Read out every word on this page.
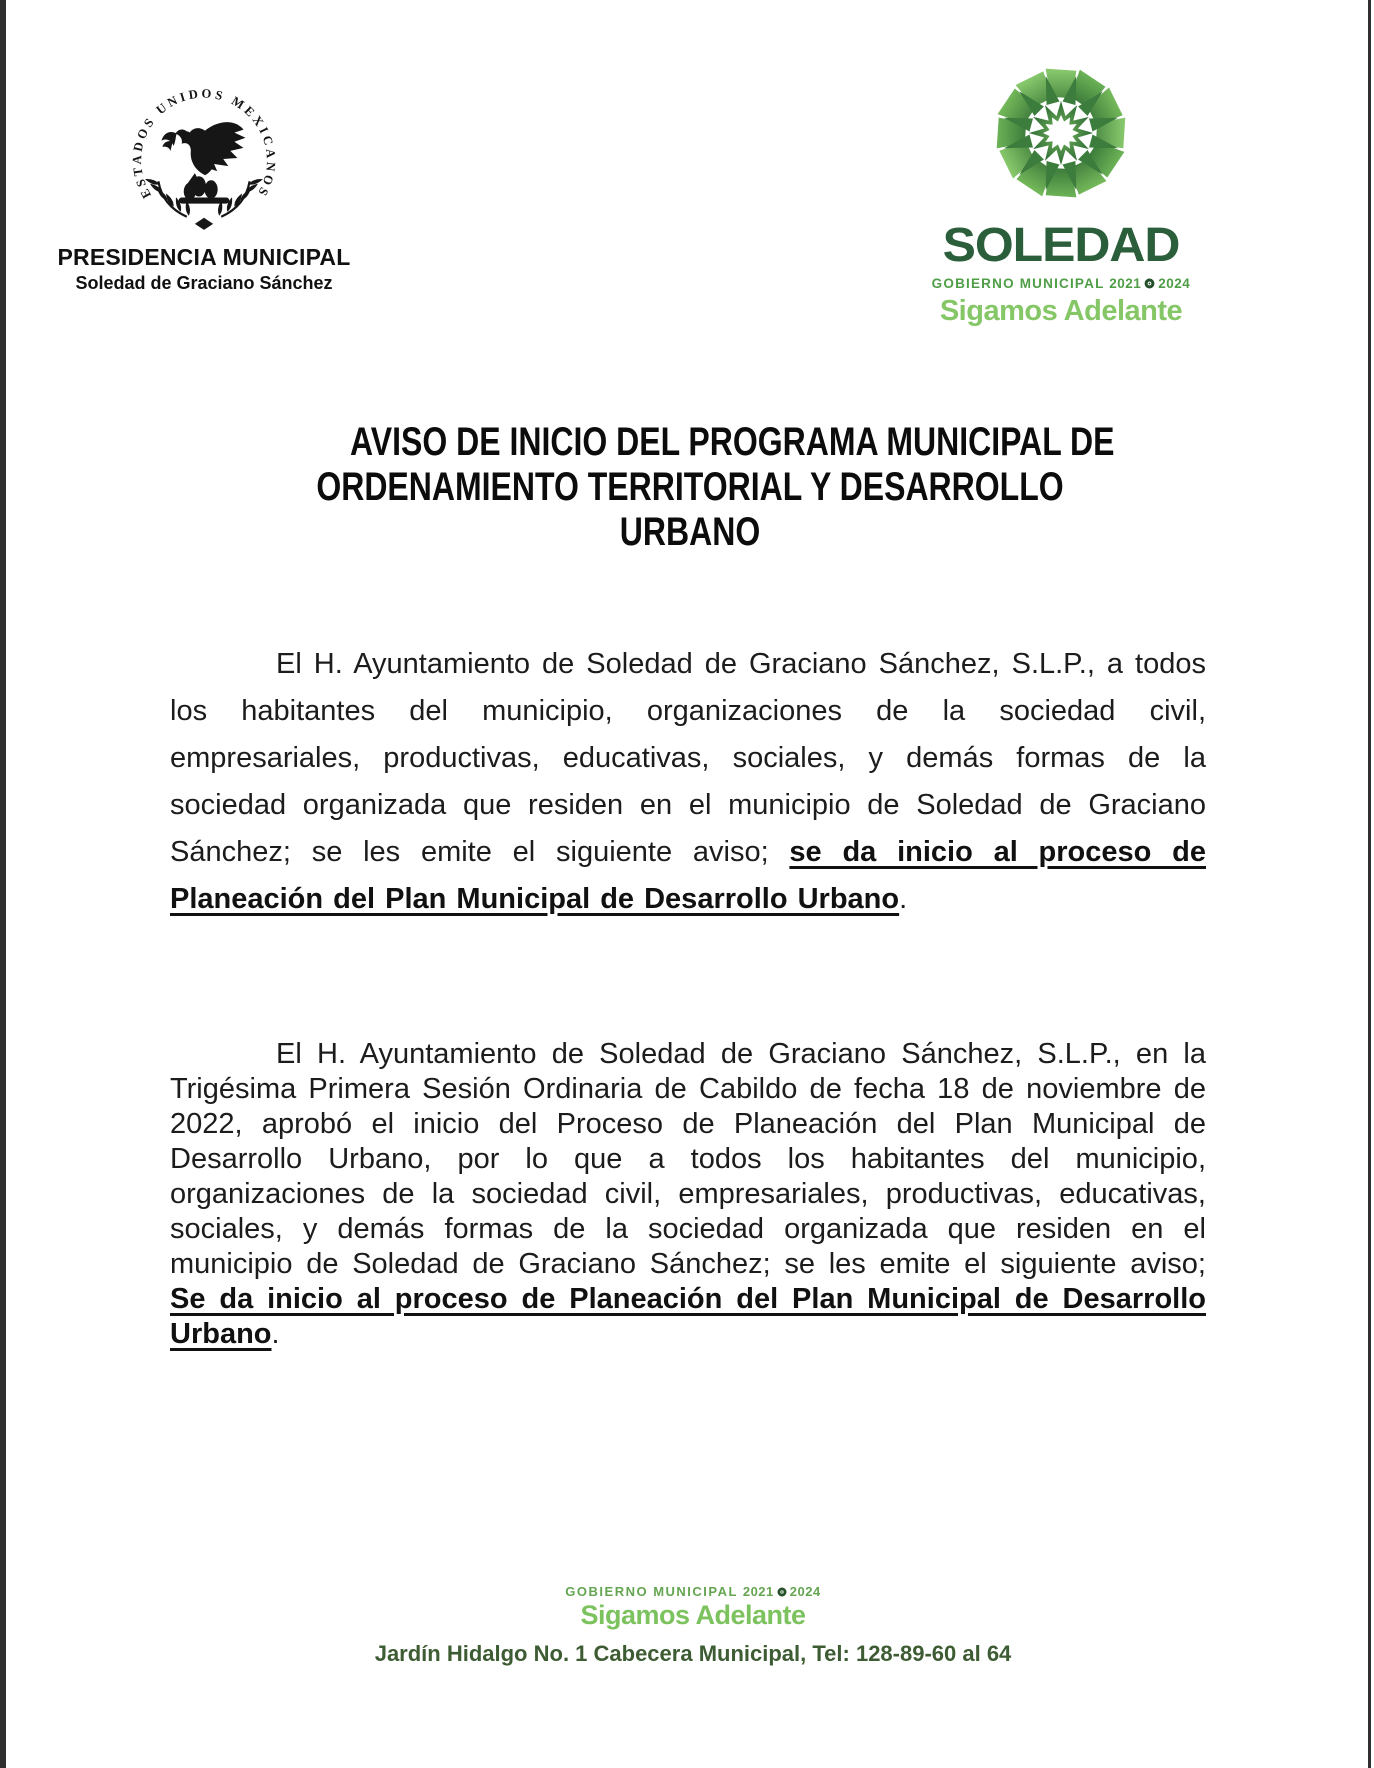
ESTADOS UNIDOS MEXICANOS
PRESIDENCIA MUNICIPAL
Soledad de Graciano Sánchez
SOLEDAD
GOBIERNO MUNICIPAL 2021 2024
Sigamos Adelante
AVISO DE INICIO DEL PROGRAMA MUNICIPAL DE
ORDENAMIENTO TERRITORIAL Y DESARROLLO
URBANO

El H. Ayuntamiento de Soledad de Graciano Sánchez, S.L.P., a todos los habitantes del municipio, organizaciones de la sociedad civil, empresariales, productivas, educativas, sociales, y demás formas de la sociedad organizada que residen en el municipio de Soledad de Graciano Sánchez; se les emite el siguiente aviso; se da inicio al proceso de Planeación del Plan Municipal de Desarrollo Urbano.

El H. Ayuntamiento de Soledad de Graciano Sánchez, S.L.P., en la Trigésima Primera Sesión Ordinaria de Cabildo de fecha 18 de noviembre de 2022, aprobó el inicio del Proceso de Planeación del Plan Municipal de Desarrollo Urbano, por lo que a todos los habitantes del municipio, organizaciones de la sociedad civil, empresariales, productivas, educativas, sociales, y demás formas de la sociedad organizada que residen en el municipio de Soledad de Graciano Sánchez; se les emite el siguiente aviso; Se da inicio al proceso de Planeación del Plan Municipal de Desarrollo Urbano.

GOBIERNO MUNICIPAL 2021 2024
Sigamos Adelante
Jardín Hidalgo No. 1 Cabecera Municipal, Tel: 128-89-60 al 64
